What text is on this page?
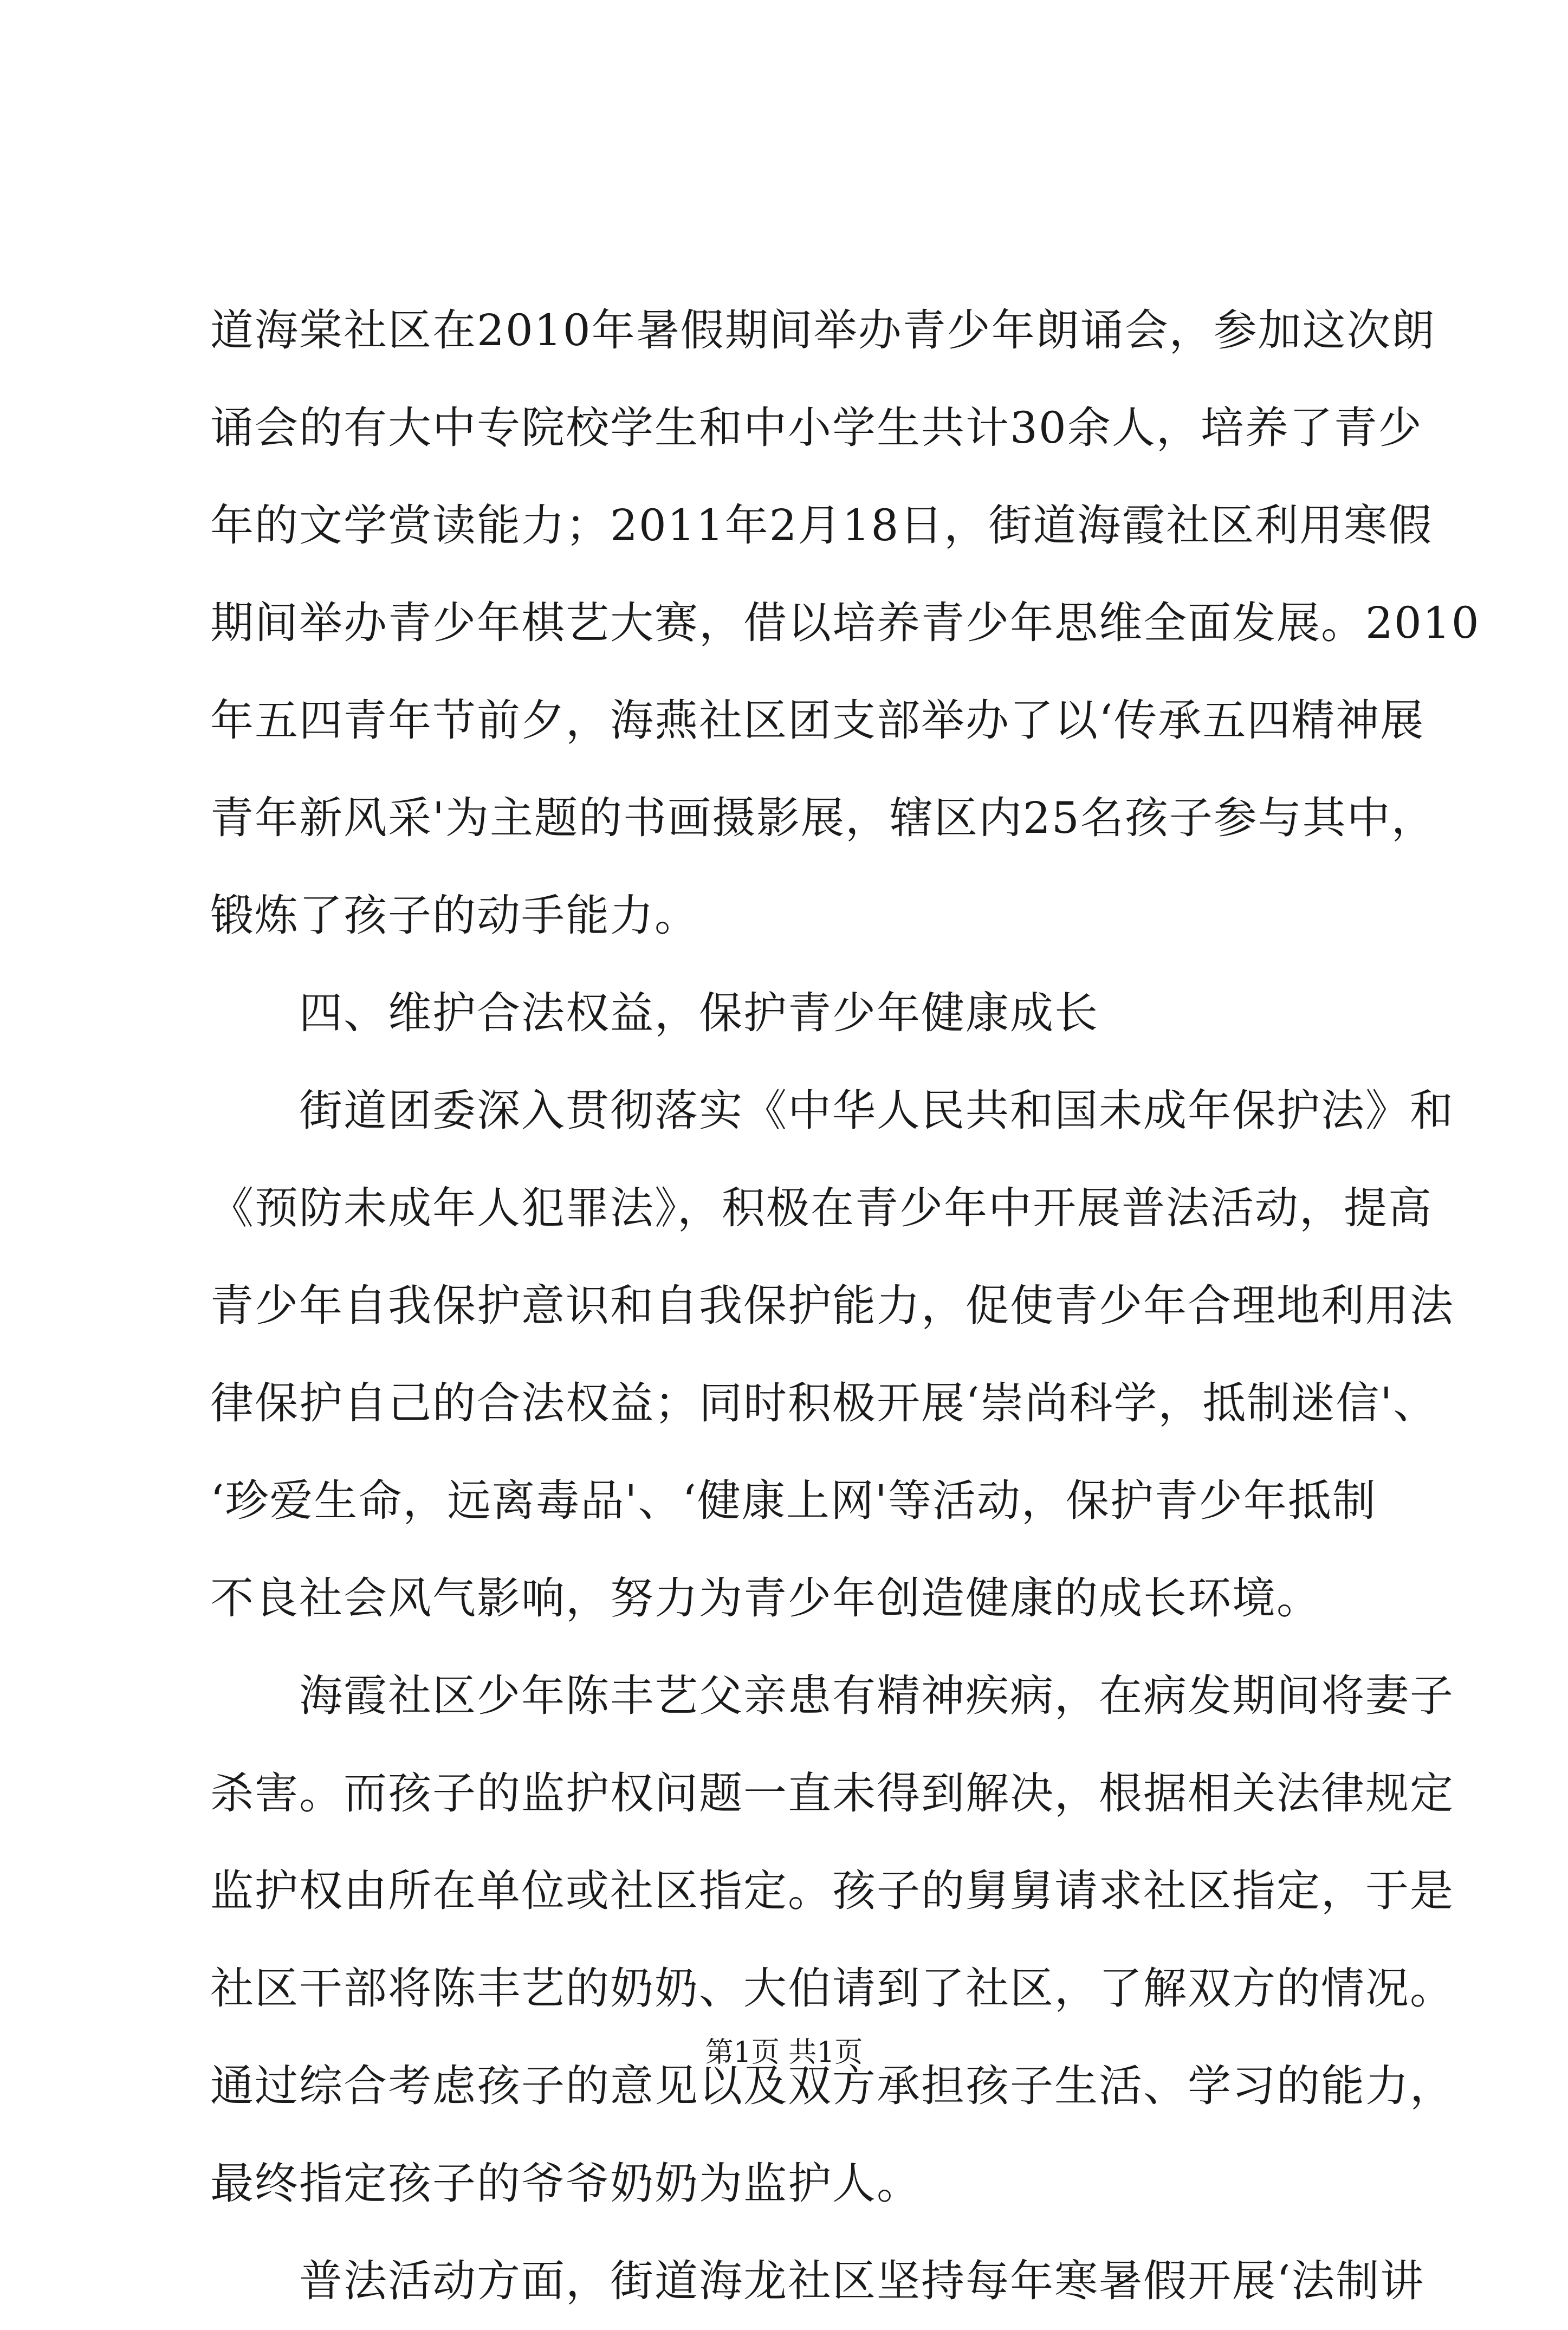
道海棠社区在2010年暑假期间举办青少年朗诵会，参加这次朗
诵会的有大中专院校学生和中小学生共计30余人，培养了青少
年的文学赏读能力；2011年2月18日，街道海霞社区利用寒假
期间举办青少年棋艺大赛，借以培养青少年思维全面发展。2010
年五四青年节前夕，海燕社区团支部举办了以‘传承五四精神展
青年新风采'为主题的书画摄影展，辖区内25名孩子参与其中，
锻炼了孩子的动手能力。
　　四、维护合法权益，保护青少年健康成长
　　街道团委深入贯彻落实《中华人民共和国未成年保护法》和
《预防未成年人犯罪法》，积极在青少年中开展普法活动，提高
青少年自我保护意识和自我保护能力，促使青少年合理地利用法
律保护自己的合法权益；同时积极开展‘崇尚科学，抵制迷信'、
‘珍爱生命，远离毒品'、‘健康上网'等活动，保护青少年抵制
不良社会风气影响，努力为青少年创造健康的成长环境。
　　海霞社区少年陈丰艺父亲患有精神疾病，在病发期间将妻子
杀害。而孩子的监护权问题一直未得到解决，根据相关法律规定
监护权由所在单位或社区指定。孩子的舅舅请求社区指定，于是
社区干部将陈丰艺的奶奶、大伯请到了社区，了解双方的情况。
通过综合考虑孩子的意见以及双方承担孩子生活、学习的能力，
最终指定孩子的爷爷奶奶为监护人。
　　普法活动方面，街道海龙社区坚持每年寒暑假开展‘法制讲
第1页 共1页
